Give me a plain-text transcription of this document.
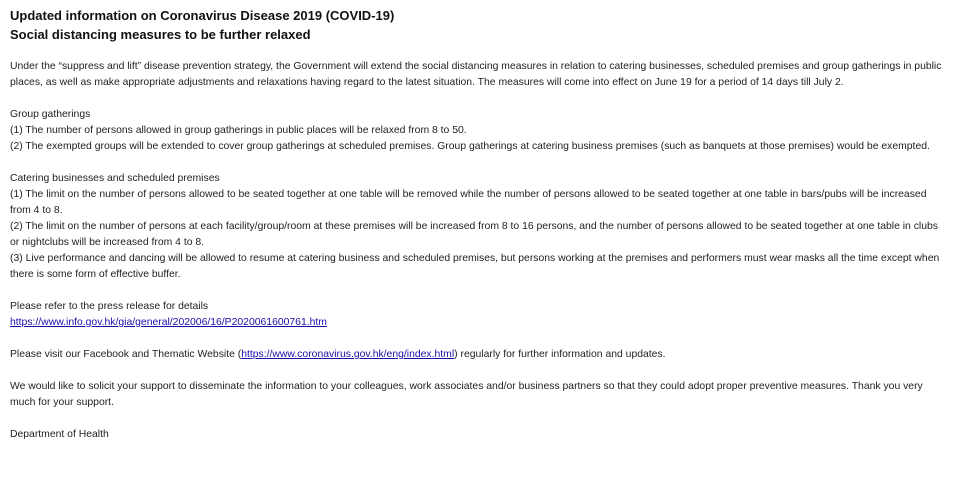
Updated information on Coronavirus Disease 2019 (COVID-19)

Social distancing measures to be further relaxed

Under the “suppress and lift” disease prevention strategy, the Government will extend the social distancing measures in relation to catering businesses, scheduled premises and group gatherings in public places, as well as make appropriate adjustments and relaxations having regard to the latest situation. The measures will come into effect on June 19 for a period of 14 days till July 2.

Group gatherings

(1) The number of persons allowed in group gatherings in public places will be relaxed from 8 to 50.

(2) The exempted groups will be extended to cover group gatherings at scheduled premises. Group gatherings at catering business premises (such as banquets at those premises) would be exempted.

Catering businesses and scheduled premises

(1) The limit on the number of persons allowed to be seated together at one table will be removed while the number of persons allowed to be seated together at one table in bars/pubs will be increased from 4 to 8.

(2) The limit on the number of persons at each facility/group/room at these premises will be increased from 8 to 16 persons, and the number of persons allowed to be seated together at one table in clubs or nightclubs will be increased from 4 to 8.

(3) Live performance and dancing will be allowed to resume at catering business and scheduled premises, but persons working at the premises and performers must wear masks all the time except when there is some form of effective buffer.

Please refer to the press release for details

https://www.info.gov.hk/gia/general/202006/16/P2020061600761.htm

Please visit our Facebook and Thematic Website (https://www.coronavirus.gov.hk/eng/index.html) regularly for further information and updates.

We would like to solicit your support to disseminate the information to your colleagues, work associates and/or business partners so that they could adopt proper preventive measures. Thank you very much for your support.

Department of Health
